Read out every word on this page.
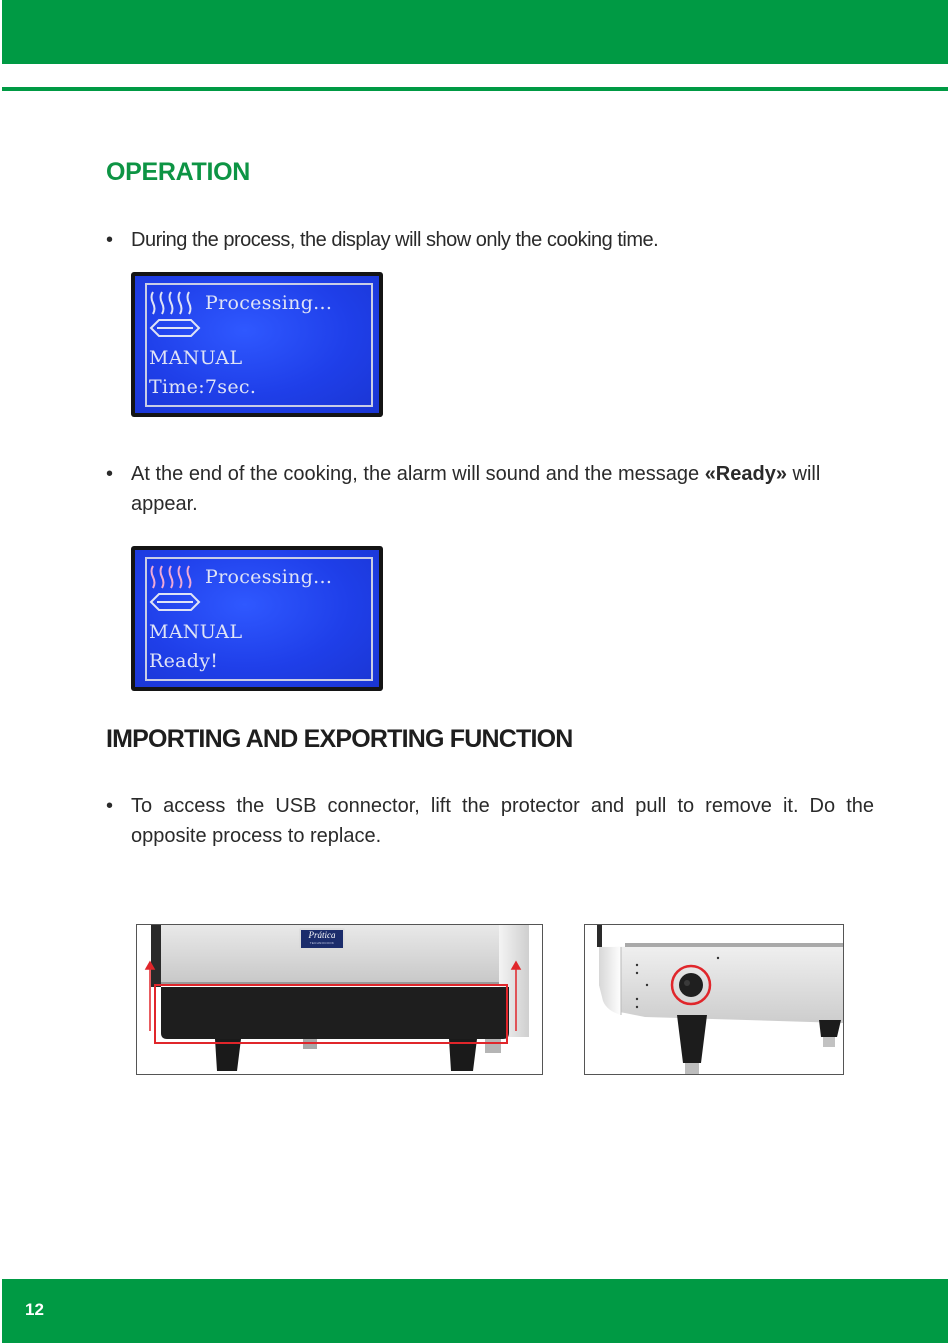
OPERATION
• During the process, the display will show only the cooking time.
Processing...
MANUAL
Time:7sec.
• At the end of the cooking, the alarm will sound and the message «Ready» will appear.
Processing...
MANUAL
Ready!
IMPORTING AND EXPORTING FUNCTION
• To access the USB connector, lift the protector and pull to remove it. Do the opposite process to replace.
Prática
TECHNOCOOK
12
